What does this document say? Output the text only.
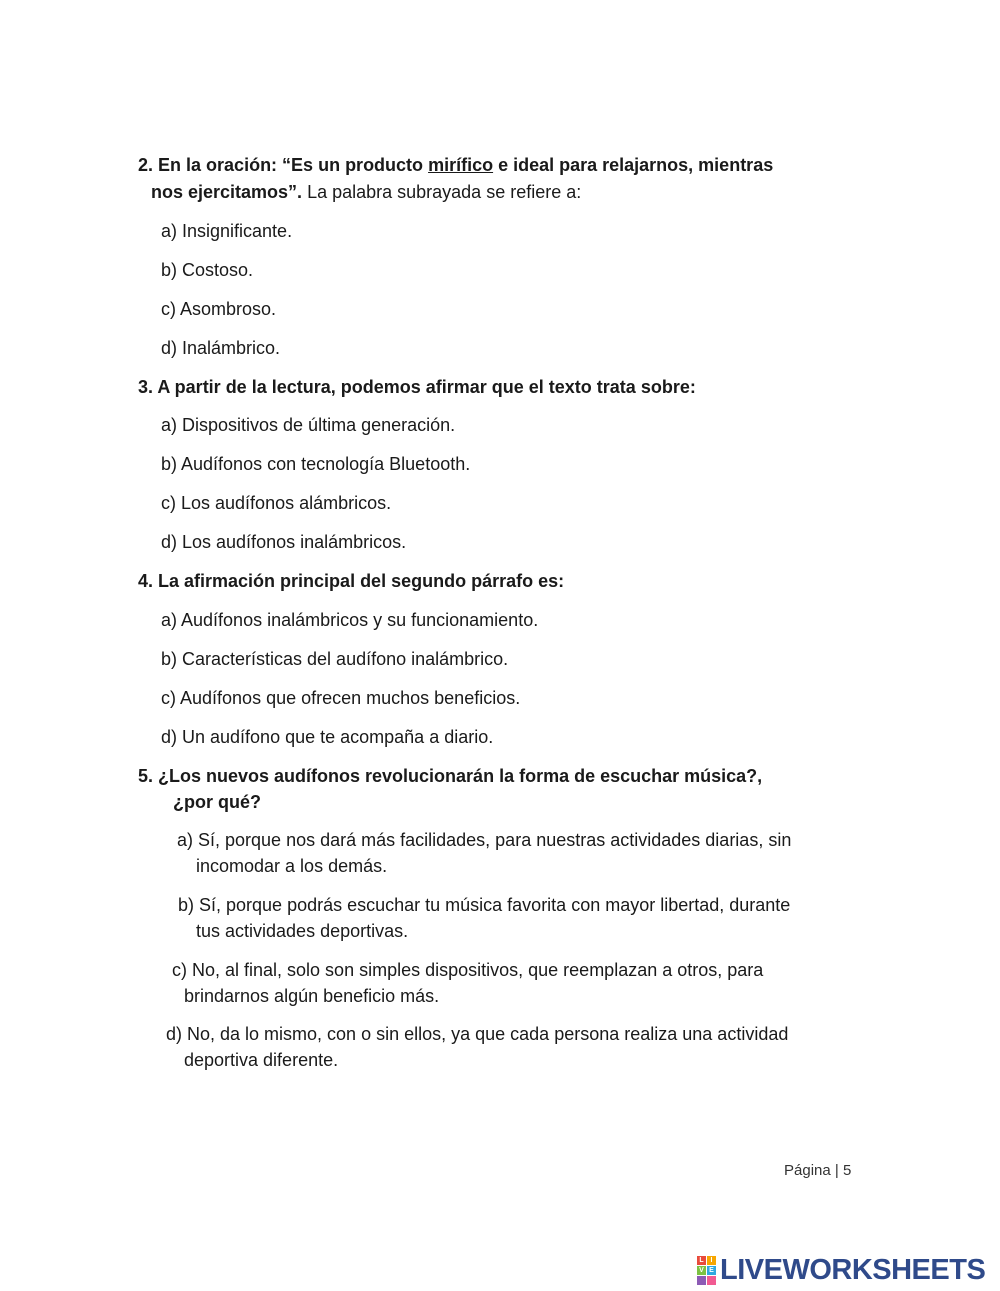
2. En la oración: “Es un producto mirífico e ideal para relajarnos, mientras
nos ejercitamos”. La palabra subrayada se refiere a:
a) Insignificante.
b) Costoso.
c) Asombroso.
d) Inalámbrico.
3. A partir de la lectura, podemos afirmar que el texto trata sobre:
a) Dispositivos de última generación.
b) Audífonos con tecnología Bluetooth.
c) Los audífonos alámbricos.
d) Los audífonos inalámbricos.
4. La afirmación principal del segundo párrafo es:
a) Audífonos inalámbricos y su funcionamiento.
b) Características del audífono inalámbrico.
c) Audífonos que ofrecen muchos beneficios.
d) Un audífono que te acompaña a diario.
5. ¿Los nuevos audífonos revolucionarán la forma de escuchar música?,
¿por qué?
a) Sí, porque nos dará más facilidades, para nuestras actividades diarias, sin
incomodar a los demás.
b) Sí, porque podrás escuchar tu música favorita con mayor libertad, durante
tus actividades deportivas.
c) No, al final, solo son simples dispositivos, que reemplazan a otros, para
brindarnos algún beneficio más.
d) No, da lo mismo, con o sin ellos, ya que cada persona realiza una actividad
deportiva diferente.
Página | 5
L I
V E LIVEWORKSHEETS
